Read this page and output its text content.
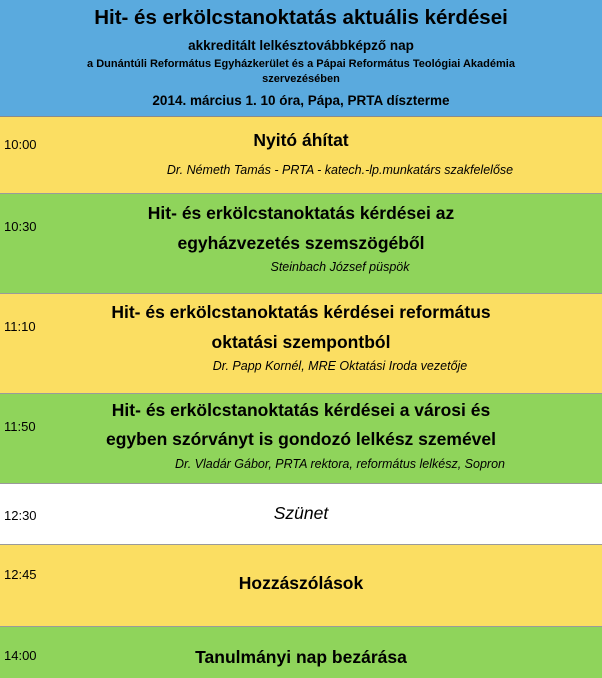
Hit- és erkölcstanoktatás aktuális kérdései
akkreditált lelkésztovábbképző nap
a Dunántúli Református Egyházkerület és a Pápai Református Teológiai Akadémia
szervezésében
2014. március 1. 10 óra, Pápa, PRTA díszterme
10:00	Nyitó áhítat
Dr. Németh Tamás - PRTA - katech.-lp.munkatárs szakfelelőse
10:30
Hit- és erkölcstanoktatás kérdései az
egyházvezetés szemszögéből
Steinbach József püspök
11:10
Hit- és erkölcstanoktatás kérdései református
oktatási szempontból
Dr. Papp Kornél, MRE Oktatási Iroda vezetője
11:50
Hit- és erkölcstanoktatás kérdései a városi és
egyben szórványt is gondozó lelkész szemével
Dr. Vladár Gábor, PRTA rektora, református lelkész, Sopron
12:30	Szünet
12:45	Hozzászólások
14:00	Tanulmányi nap bezárása
